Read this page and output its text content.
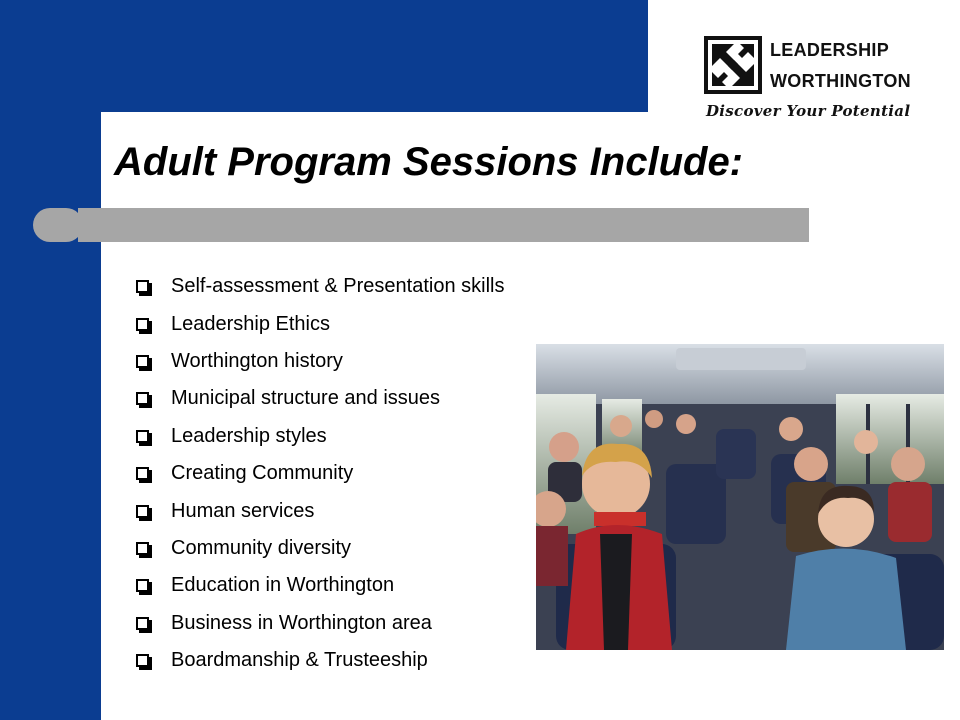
LEADERSHIP
WORTHINGTON
Discover Your Potential
Adult Program Sessions Include:
Self-assessment & Presentation skills
Leadership Ethics
Worthington history
Municipal structure and issues
Leadership styles
Creating Community
Human services
Community diversity
Education in Worthington
Business in Worthington area
Boardmanship & Trusteeship
